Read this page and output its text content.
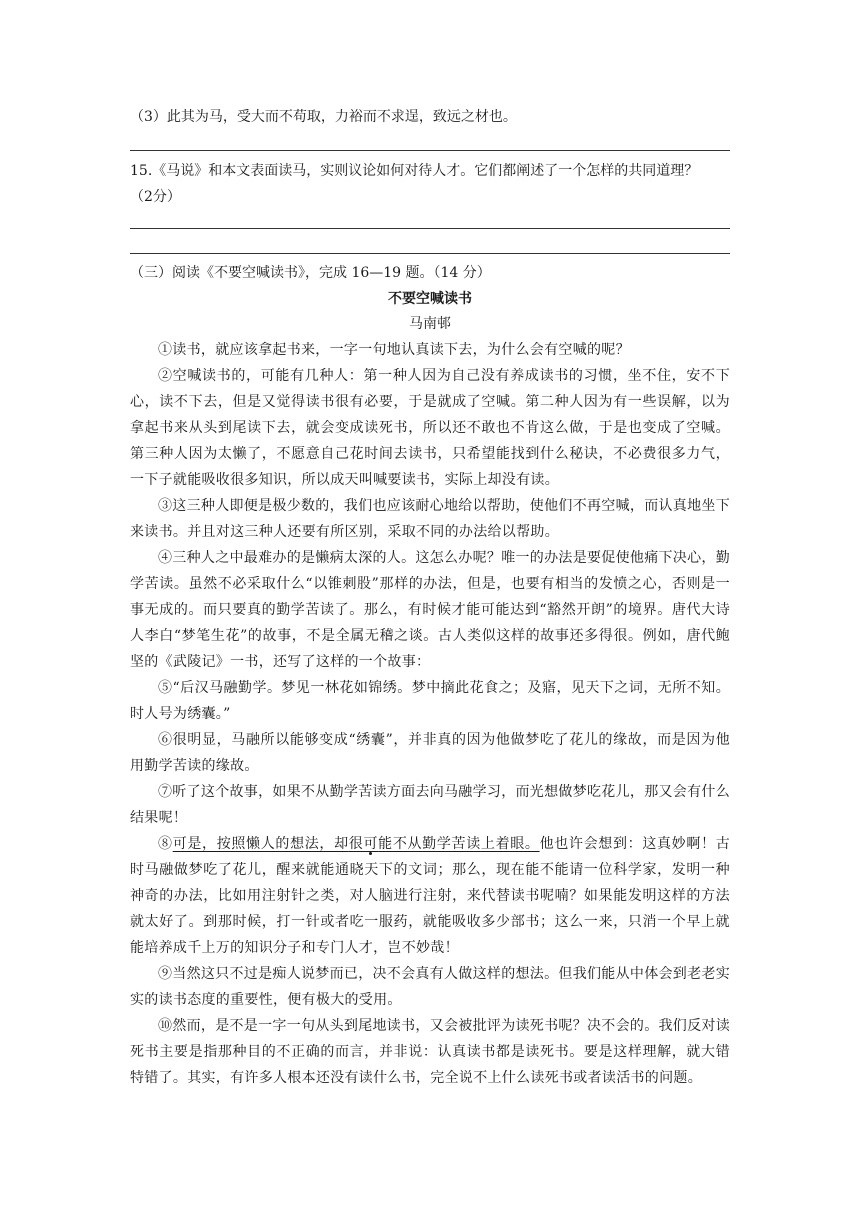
（3）此其为马，受大而不苟取，力裕而不求逞，致远之材也。
15.《马说》和本文表面读马，实则议论如何对待人才。它们都阐述了一个怎样的共同道理？
（2分）
（三）阅读《不要空喊读书》，完成 16—19 题。（14 分）
不要空喊读书
马南邨
①读书，就应该拿起书来，一字一句地认真读下去，为什么会有空喊的呢？
②空喊读书的，可能有几种人：第一种人因为自己没有养成读书的习惯，坐不住，安不下心，读不下去，但是又觉得读书很有必要，于是就成了空喊。第二种人因为有一些误解，以为拿起书来从头到尾读下去，就会变成读死书，所以还不敢也不肯这么做，于是也变成了空喊。第三种人因为太懒了，不愿意自己花时间去读书，只希望能找到什么秘诀，不必费很多力气，一下子就能吸收很多知识，所以成天叫喊要读书，实际上却没有读。
③这三种人即便是极少数的，我们也应该耐心地给以帮助，使他们不再空喊，而认真地坐下来读书。并且对这三种人还要有所区别，采取不同的办法给以帮助。
④三种人之中最难办的是懒病太深的人。这怎么办呢？唯一的办法是要促使他痛下决心，勤学苦读。虽然不必采取什么“以锥刺股”那样的办法，但是，也要有相当的发愤之心，否则是一事无成的。而只要真的勤学苦读了。那么，有时候才能可能达到“豁然开朗”的境界。唐代大诗人李白“梦笔生花”的故事，不是全属无稽之谈。古人类似这样的故事还多得很。例如，唐代鲍坚的《武陵记》一书，还写了这样的一个故事：
⑤“后汉马融勤学。梦见一林花如锦绣。梦中摘此花食之；及寤，见天下之词，无所不知。时人号为绣囊。”
⑥很明显，马融所以能够变成“绣囊”，并非真的因为他做梦吃了花儿的缘故，而是因为他用勤学苦读的缘故。
⑦听了这个故事，如果不从勤学苦读方面去向马融学习，而光想做梦吃花儿，那又会有什么结果呢！
⑧可是，按照懒人的想法，却很可能不从勤学苦读上着眼。他也许会想到：这真妙啊！古时马融做梦吃了花儿，醒来就能通晓天下的文词；那么，现在能不能请一位科学家，发明一种神奇的办法，比如用注射针之类，对人脑进行注射，来代替读书呢喃？如果能发明这样的方法就太好了。到那时候，打一针或者吃一服药，就能吸收多少部书；这么一来，只消一个早上就能培养成千上万的知识分子和专门人才，岂不妙哉！
⑨当然这只不过是痴人说梦而已，决不会真有人做这样的想法。但我们能从中体会到老老实实的读书态度的重要性，便有极大的受用。
⑩然而，是不是一字一句从头到尾地读书，又会被批评为读死书呢？决不会的。我们反对读死书主要是指那种目的不正确的而言，并非说：认真读书都是读死书。要是这样理解，就大错特错了。其实，有许多人根本还没有读什么书，完全说不上什么读死书或者读活书的问题。
